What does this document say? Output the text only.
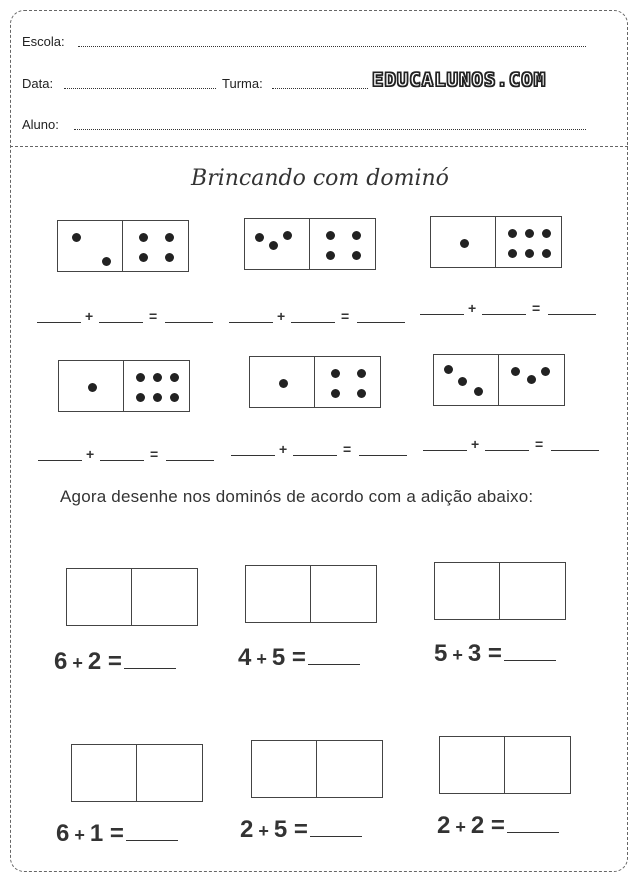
Escola:
Data:	Turma:	EDUCALUNOS.COM
Aluno:
Brincando com dominó
+	=	+	=	+	=
+	=	+	=	+	=
Agora desenhe nos dominós de acordo com a adição abaixo:
6 + 2 =	4 + 5 =	5 + 3 =
6 + 1 =	2 + 5 =	2 + 2 =
